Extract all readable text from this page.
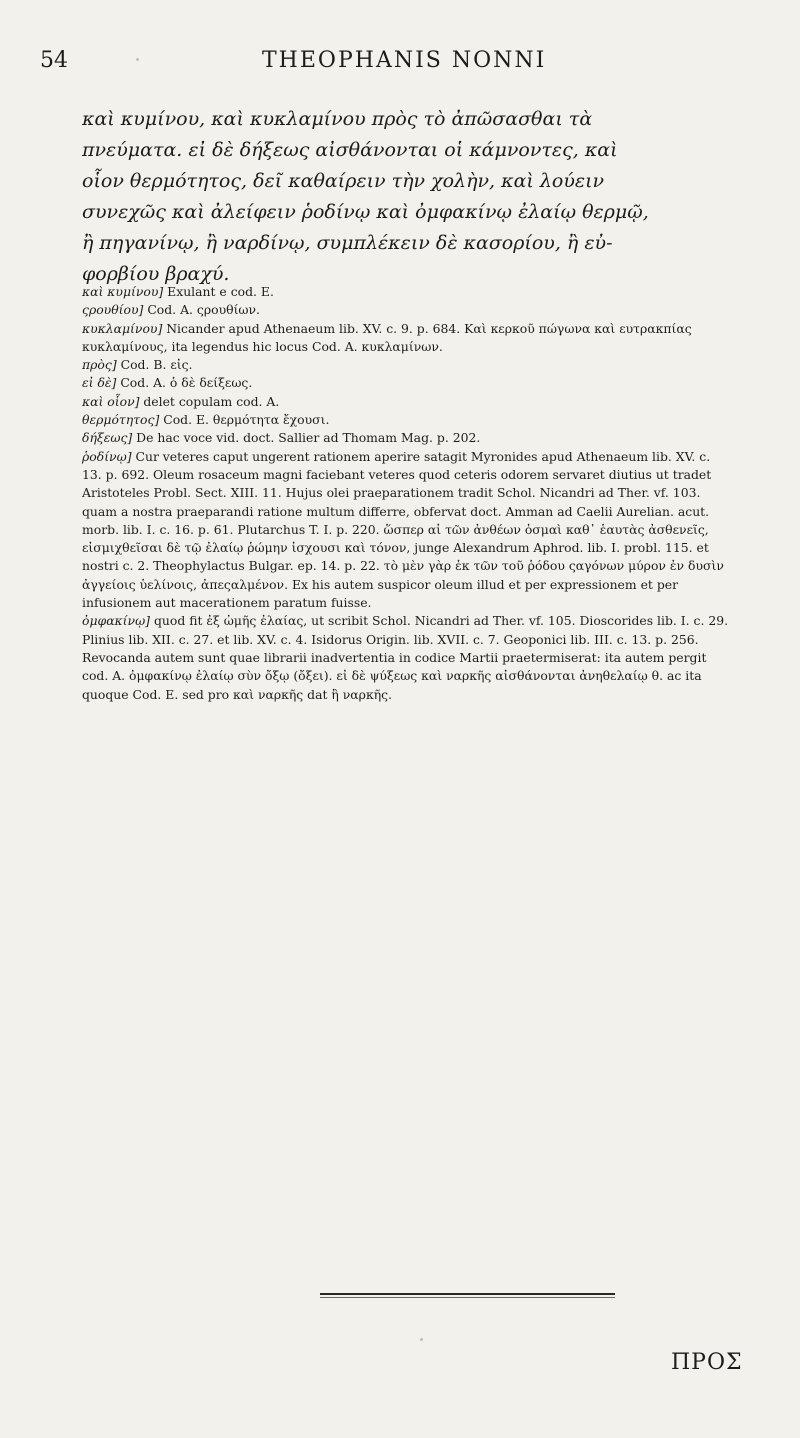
54	THEOPHANIS NONNI
καὶ κυμίνου, καὶ κυκλαμίνου πρὸς τὸ ἀπῶσασθαι τὰ
πνεύματα. εἰ δὲ δήξεως αἰσθάνονται οἱ κάμνοντες, καὶ
οἷον θερμότητος, δεῖ καθαίρειν τὴν χολὴν, καὶ λούειν
συνεχῶς καὶ ἀλείφειν ῥοδίνῳ καὶ ὀμφακίνῳ ἐλαίῳ θερμῷ,
ἢ πηγανίνῳ, ἢ ναρδίνῳ, συμπλέκειν δὲ κασορίου, ἢ εὐ-
φορβίου βραχύ.

καὶ κυμίνου] Exulant e cod. E.

ςρουθίου] Cod. A. ςρουθίων.

κυκλαμίνου] Nicander apud Athenaeum lib. XV. c. 9. p. 684. Καὶ κερκοῦ πώγωνα καὶ ευτρακπίας κυκλαμίνους, ita legendus hic locus Cod. A. κυκλαμίνων.

πρὸς] Cod. B. εἰς.

εἰ δὲ] Cod. A. ὁ δὲ δείξεως.

καὶ οἷον] delet copulam cod. A.

θερμότητος] Cod. E. θερμότητα ἔχουσι.

δήξεως] De hac voce vid. doct. Sallier ad Thomam Mag. p. 202.

ῥοδίνῳ] Cur veteres caput ungerent rationem aperire satagit Myronides apud Athenaeum lib. XV. c. 13. p. 692. Oleum rosaceum magni faciebant veteres quod ceteris odorem servaret diutius ut tradet Aristoteles Probl. Sect. XIII. 11. Hujus olei praeparationem tradit Schol. Nicandri ad Ther. vf. 103. quam a nostra praeparandi ratione multum differre, obfervat doct. Amman ad Caelii Aurelian. acut. morb. lib. I. c. 16. p. 61. Plutarchus T. I. p. 220. ὥσπερ αἱ τῶν ἀνθέων ὀσμαὶ καθ᾽ ἑαυτὰς ἀσθενεῖς, εἰσμιχθεῖσαι δὲ τῷ ἐλαίῳ ῥώμην ἰσχουσι καὶ τόνον, junge Alexandrum Aphrod. lib. I. probl. 115. et nostri c. 2. Theophylactus Bulgar. ep. 14. p. 22. τὸ μὲν γὰρ ἐκ τῶν τοῦ ῥόδου ςαγόνων μύρον ἐν δυσὶν ἀγγείοις ὑελίνοις, ἀπεςαλμένον. Ex his autem suspicor oleum illud et per expressionem et per infusionem aut macerationem paratum fuisse.

ὀμφακίνῳ] quod fit ἐξ ὠμῆς ἐλαίας, ut scribit Schol. Nicandri ad Ther. vf. 105. Dioscorides lib. I. c. 29. Plinius lib. XII. c. 27. et lib. XV. c. 4. Isidorus Origin. lib. XVII. c. 7. Geoponici lib. III. c. 13. p. 256. Revocanda autem sunt quae librarii inadvertentia in codice Martii praetermiserat: ita autem pergit cod. A. ὀμφακίνῳ ἐλαίῳ σὺν ὄξῳ (ὄξει). εἰ δὲ ψύξεως καὶ ναρκῆς αἰσθάνονται ἀνηθελαίῳ θ. ac ita quoque Cod. E. sed pro καὶ ναρκῆς dat ἢ ναρκῆς.

ΠΡΟΣ
